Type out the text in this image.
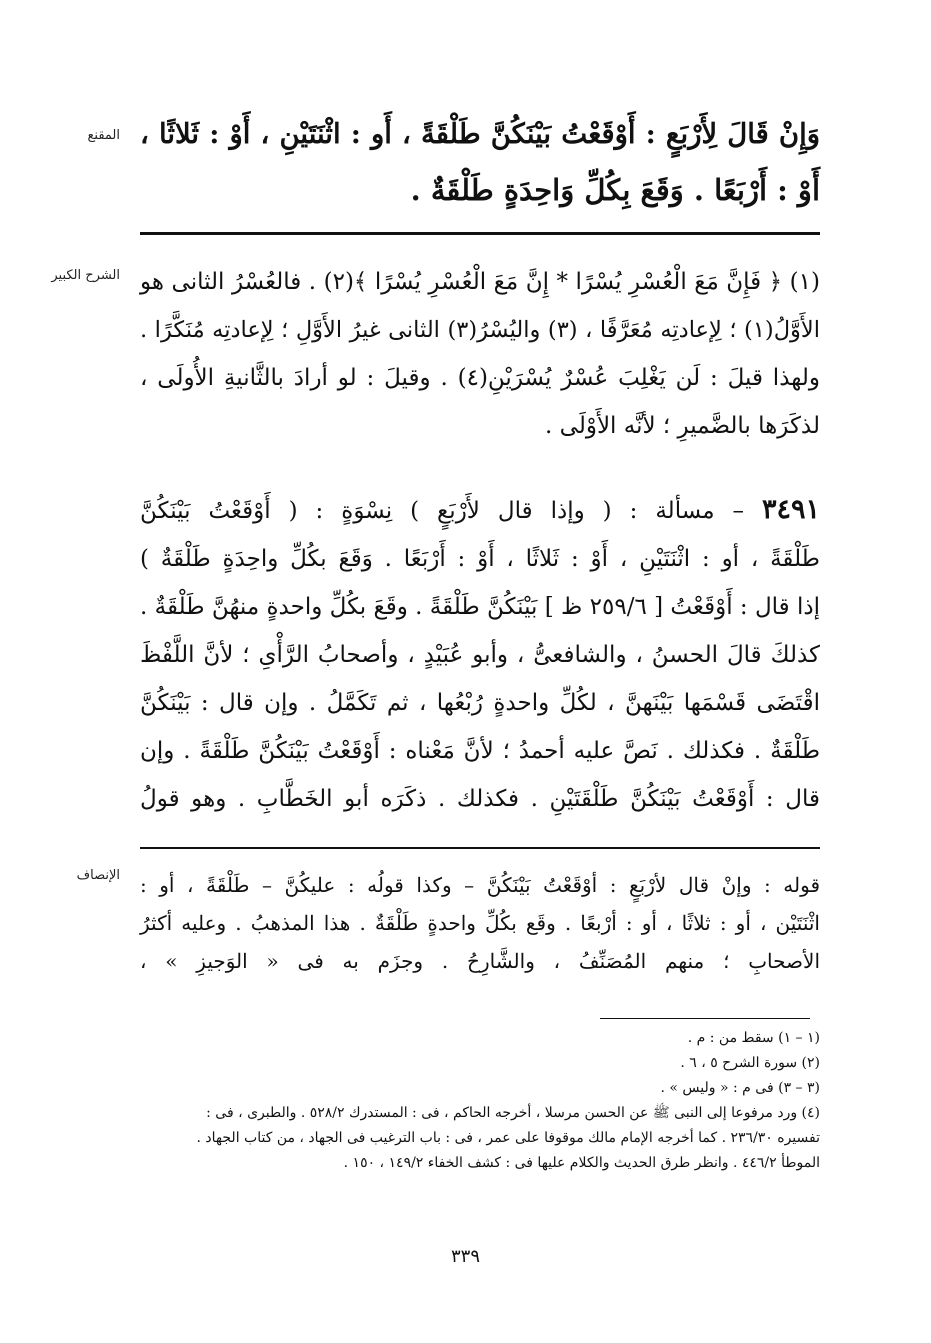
المقنع
الشرح الكبير
الإنصاف
وَإِنْ قَالَ لِأَرْبَعٍ : أَوْقَعْتُ بَيْنَكُنَّ طَلْقَةً ، أَو : اثْنَتَيْنِ ، أَوْ : ثَلاثًا ،
أَوْ : أَرْبَعًا . وَقَعَ بِكُلِّ وَاحِدَةٍ طَلْقَةٌ .
(١) ﴿ فَإِنَّ مَعَ الْعُسْرِ يُسْرًا * إِنَّ مَعَ الْعُسْرِ يُسْرًا ﴾(٢) . فالعُسْرُ الثانى هو
الأَوَّلُ(١) ؛ لِإعادتِه مُعَرَّفًا ، (٣) واليُسْرُ(٣) الثانى غيرُ الأَوَّلِ ؛ لِإعادتِه مُنَكَّرًا .
ولهذا قيلَ : لَن يَغْلِبَ عُسْرٌ يُسْرَيْنِ(٤) . وقيلَ : لو أرادَ بالثَّانيةِ الأُولَى ،
لذكَرَها بالضَّميرِ ؛ لأنَّه الأَوْلَى .
٣٤٩١ – مسألة : ( وإذا قال لأَرْبَعٍ ) نِسْوَةٍ : ( أَوْقَعْتُ بَيْنَكُنَّ
طَلْقَةً ، أو : اثْنَتَيْنِ ، أَوْ : ثَلاثًا ، أَوْ : أَرْبَعًا . وَقَعَ بكُلِّ واحِدَةٍ طَلْقَةٌ )
إذا قال : أَوْقَعْتُ [ ٢٥٩/٦ ظ ] بَيْنَكُنَّ طَلْقَةً . وقَعَ بكُلِّ واحدةٍ منهُنَّ طَلْقَةٌ .
كذلكَ قالَ الحسنُ ، والشافعىُّ ، وأبو عُبَيْدٍ ، وأصحابُ الرَّأْىِ ؛ لأنَّ اللَّفْظَ
اقْتَضَى قَسْمَها بَيْنَهنَّ ، لكُلِّ واحدةٍ رُبْعُها ، ثم تَكَمَّلُ . وإن قال : بَيْنَكُنَّ
طَلْقَةٌ . فكذلك . نَصَّ عليه أحمدُ ؛ لأنَّ مَعْناه : أَوْقَعْتُ بَيْنَكُنَّ طَلْقَةً . وإن
قال : أَوْقَعْتُ بَيْنَكُنَّ طَلْقَتَيْنِ . فكذلك . ذكَرَه أبو الخَطَّابِ . وهو قولُ
قوله : وإنْ قال لأرْبَعٍ : أوْقَعْتُ بَيْنَكُنَّ – وكذا قولُه : عليكُنَّ – طَلْقَةً ، أو :
اثْنَتَيْن ، أو : ثلاثًا ، أو : أرْبعًا . وقَع بكُلِّ واحدةٍ طَلْقَةٌ . هذا المذهبُ . وعليه أكثرُ
الأصحابِ ؛ منهم المُصَنِّفُ ، والشَّارِحُ . وجزَم به فى « الوَجيزِ » ،
(١ – ١) سقط من : م .
(٢) سورة الشرح ٥ ، ٦ .
(٣ – ٣) فى م : « وليس » .
(٤) ورد مرفوعا إلى النبى ﷺ عن الحسن مرسلا ، أخرجه الحاكم ، فى : المستدرك ٥٢٨/٢ . والطبرى ، فى :
تفسيره ٢٣٦/٣٠ . كما أخرجه الإمام مالك موقوفا على عمر ، فى : باب الترغيب فى الجهاد ، من كتاب الجهاد .
الموطأ ٤٤٦/٢ . وانظر طرق الحديث والكلام عليها فى : كشف الخفاء ١٤٩/٢ ، ١٥٠ .
٣٣٩
